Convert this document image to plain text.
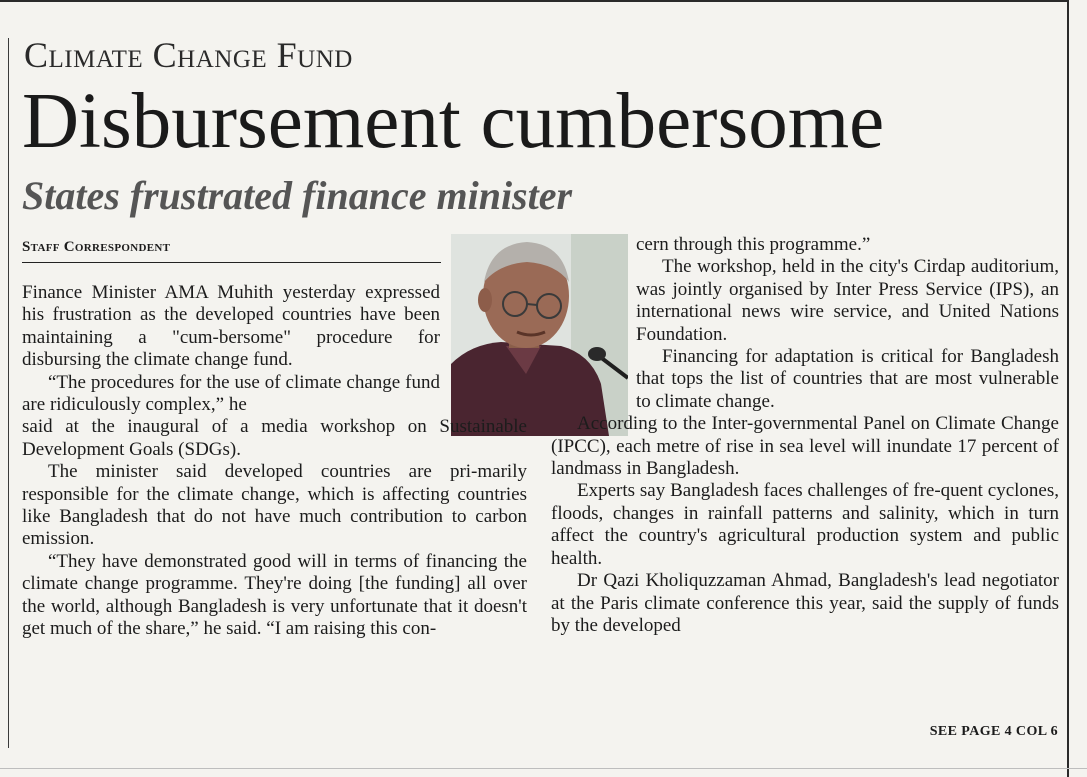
Climate Change Fund
Disbursement cumbersome
States frustrated finance minister
Staff Correspondent

Finance Minister AMA Muhith yesterday expressed his frustration as the developed countries have been maintaining a "cum-bersome" procedure for disbursing the climate change fund.

“The procedures for the use of climate change fund are ridiculously complex,” he

said at the inaugural of a media workshop on Sustainable Development Goals (SDGs).

The minister said developed countries are pri-marily responsible for the climate change, which is affecting countries like Bangladesh that do not have much contribution to carbon emission.

“They have demonstrated good will in terms of financing the climate change programme. They're doing [the funding] all over the world, although Bangladesh is very unfortunate that it doesn't get much of the share,” he said. “I am raising this con-

cern through this programme.”

The workshop, held in the city's Cirdap auditorium, was jointly organised by Inter Press Service (IPS), an international news wire service, and United Nations Foundation.

Financing for adaptation is critical for Bangladesh that tops the list of countries that are most vulnerable to climate change.

According to the Inter-governmental Panel on Climate Change (IPCC), each metre of rise in sea level will inundate 17 percent of landmass in Bangladesh.

Experts say Bangladesh faces challenges of fre-quent cyclones, floods, changes in rainfall patterns and salinity, which in turn affect the country's agricultural production system and public health.

Dr Qazi Kholiquzzaman Ahmad, Bangladesh's lead negotiator at the Paris climate conference this year, said the supply of funds by the developed

SEE PAGE 4 COL 6
